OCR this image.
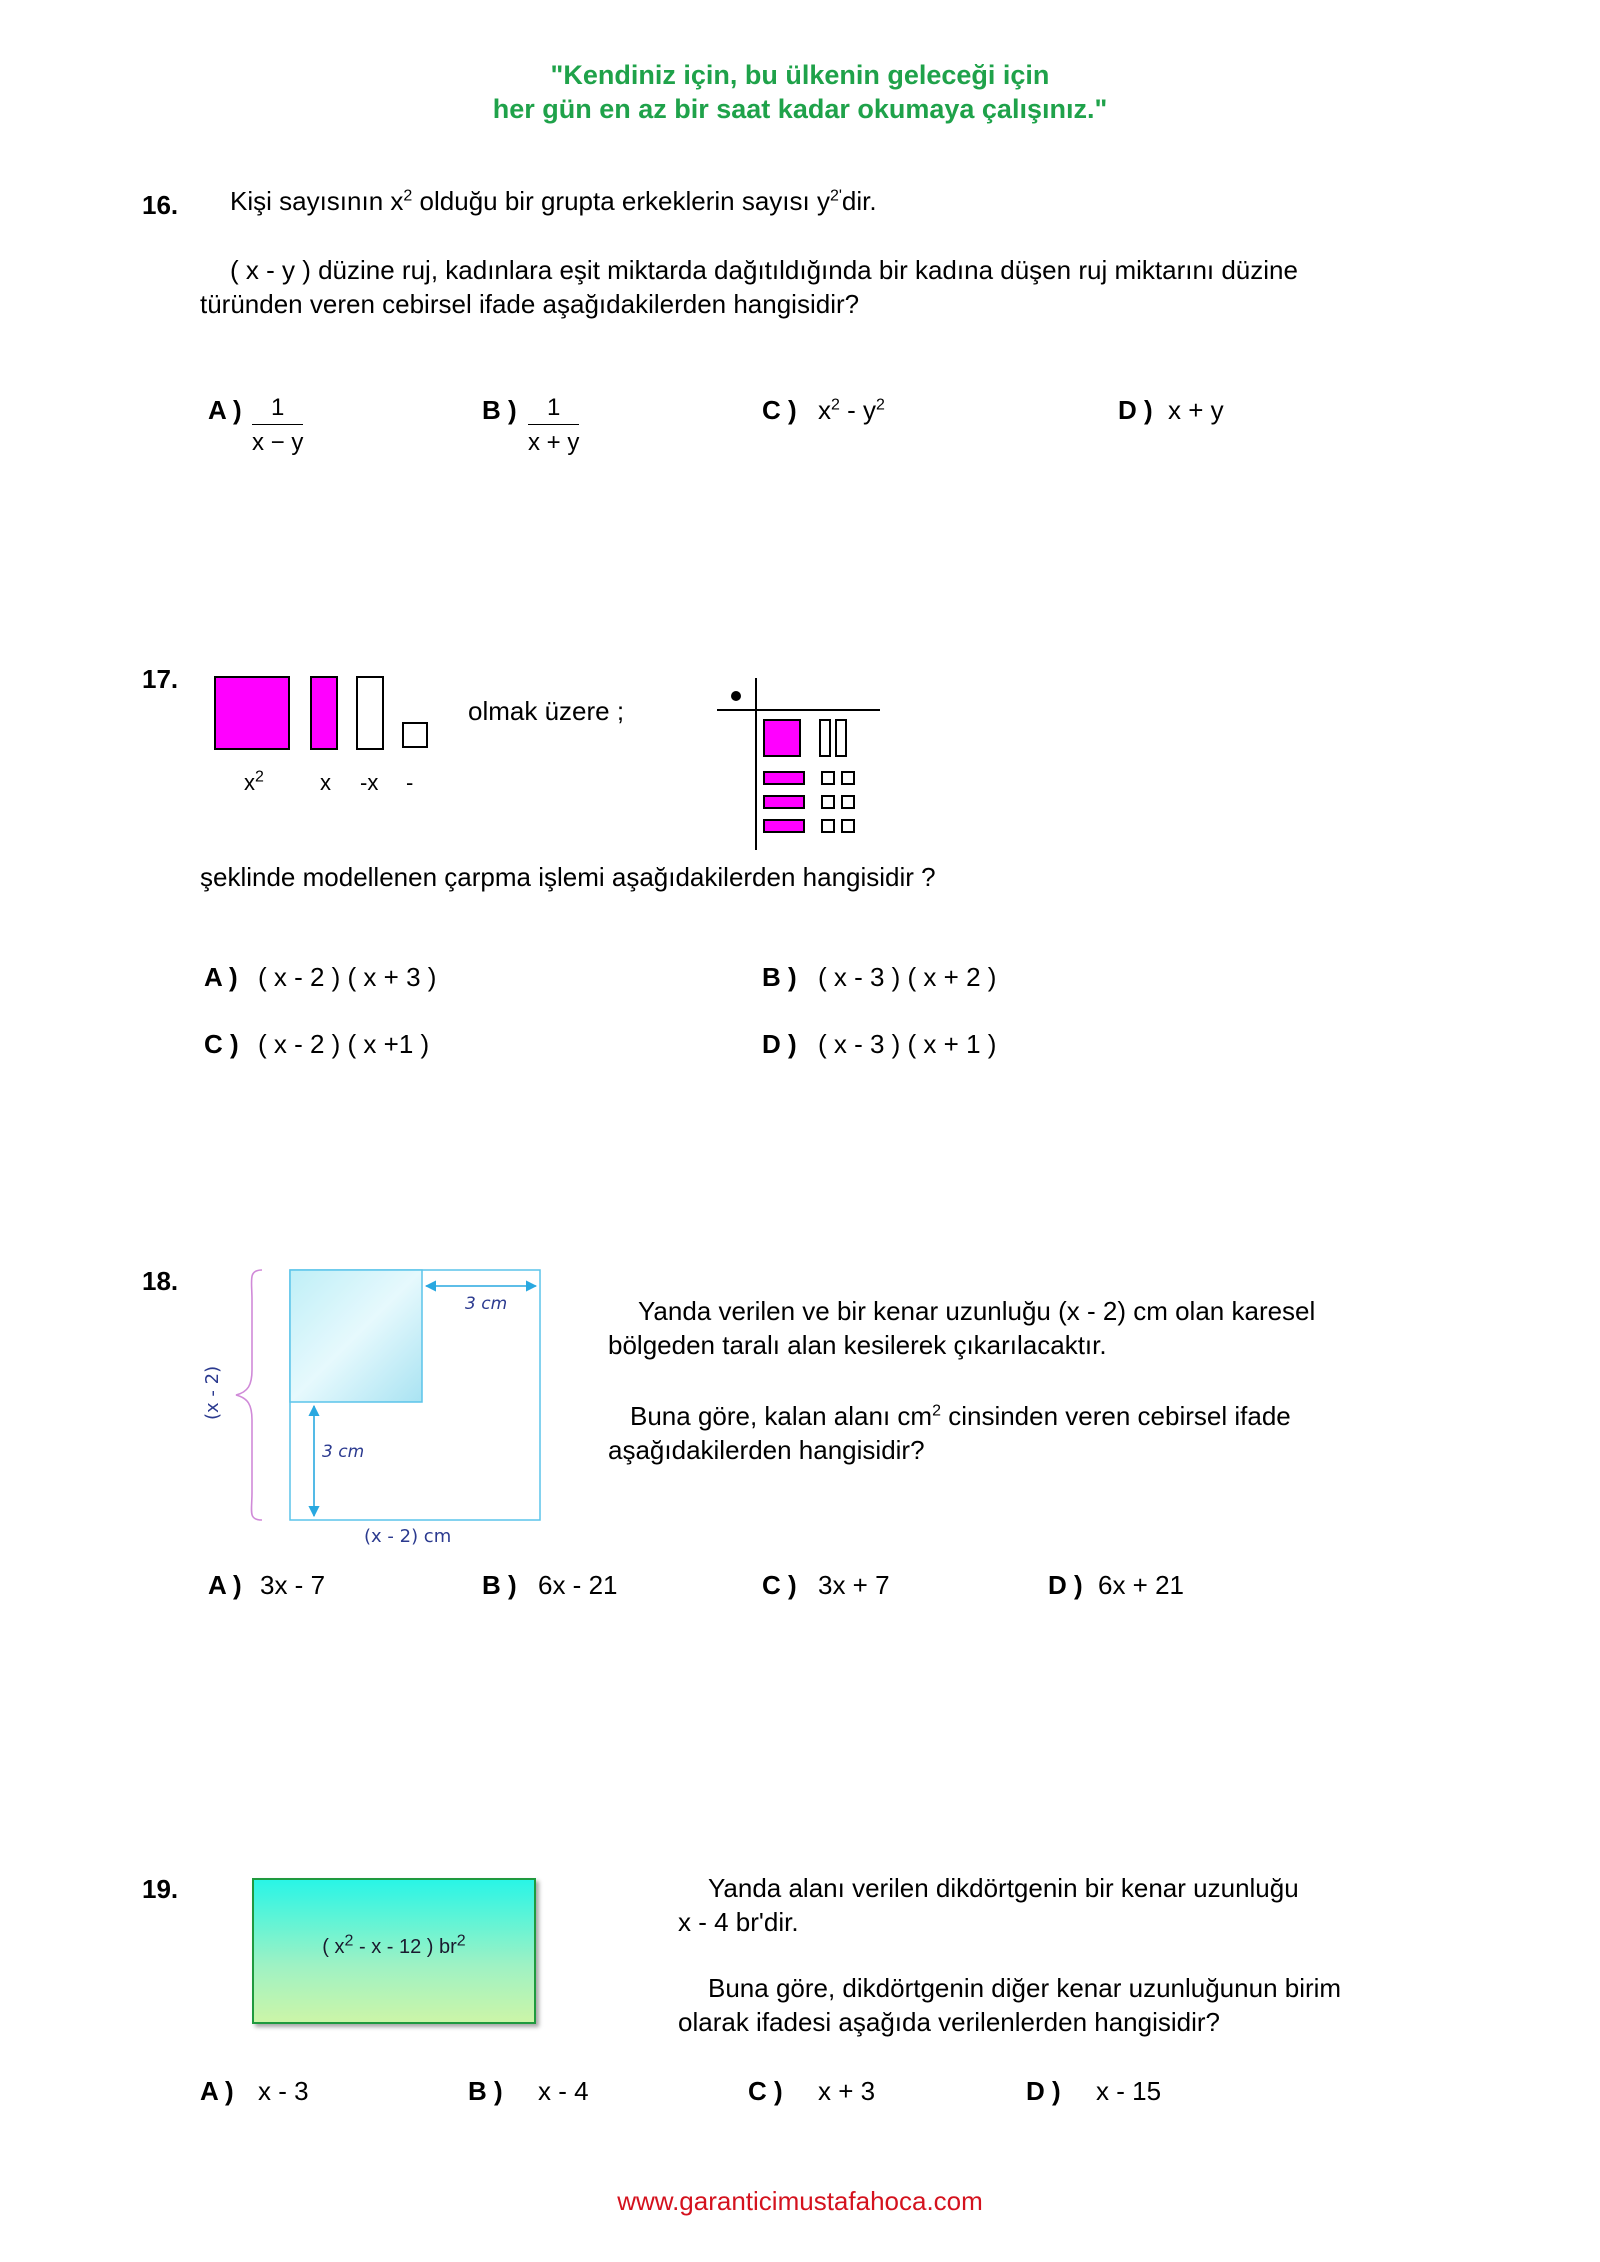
"Kendiniz için, bu ülkenin geleceği için
her gün en az bir saat kadar okumaya çalışınız."
16. Kişi sayısının $x^2$ olduğu bir grupta erkeklerin sayısı $y^{2'}dir$.
( x - y ) düzine ruj, kadınlara eşit miktarda dağıtıldığında bir kadına düşen ruj miktarını düzine
türünden veren cebirsel ifade aşağıdakilerden hangisidir?
A ) $\frac{1}{x - y}$	B ) $\frac{1}{x + y}$	C ) $x^2 - y^2$	D ) x + y
17.
$x^2$	x -x -
olmak üzere ;
şeklinde modellenen çarpma işlemi aşağıdakilerden hangisidir ?
A ) ( x - 2 ) ( x + 3 )	B ) ( x - 3 ) ( x + 2 )
C ) ( x - 2 ) ( x +1 )	D ) ( x - 3 ) ( x + 1 )
18.
3 cm
3 cm
(x - 2)
(x - 2) cm
Yanda verilen ve bir kenar uzunluğu (x - 2) cm olan karesel
bölgeden taralı alan kesilerek çıkarılacaktır.
Buna göre, kalan alanı $cm^2$ cinsinden veren cebirsel ifade
aşağıdakilerden hangisidir?
A ) 3x - 7	B ) 6x - 21	C ) 3x + 7	D ) 6x + 21
19.
( $x^2$ - x - 12 ) $br^2$
Yanda alanı verilen dikdörtgenin bir kenar uzunluğu
x - 4 br'dir.
Buna göre, dikdörtgenin diğer kenar uzunluğunun birim
olarak ifadesi aşağıda verilenlerden hangisidir?
A ) x - 3	B ) x - 4	C ) x + 3	D ) x - 15
www.garanticimustafahoca.com
